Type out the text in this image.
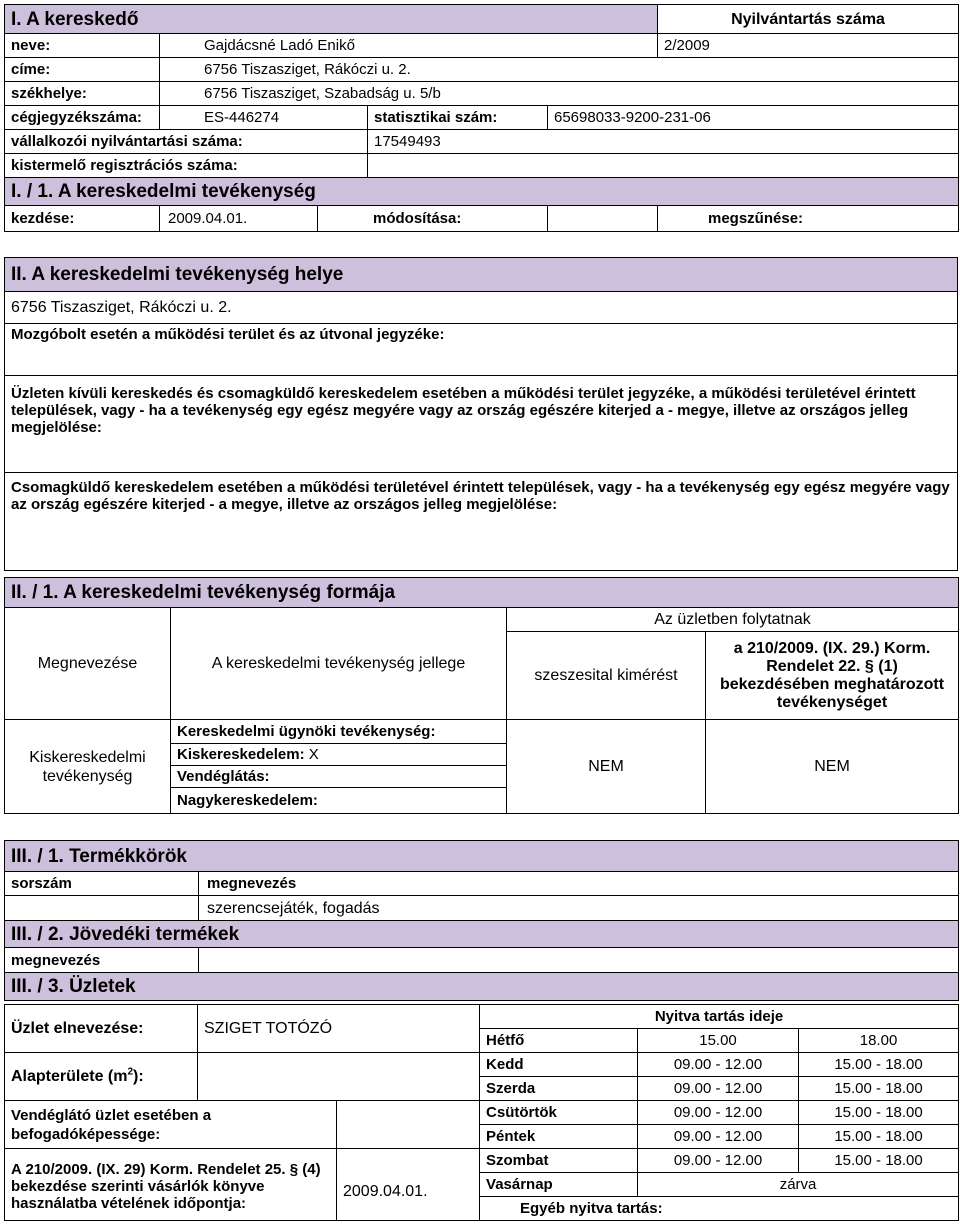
I. A kereskedő					Nyilvántartás száma
neve:	Gajdácsné Ladó Enikő				2/2009
címe:	6756 Tiszasziget, Rákóczi u. 2.				
székhelye:	6756 Tiszasziget, Szabadság u. 5/b				
cégjegyzékszáma:	ES-446274		statisztikai szám:	65698033-9200-231-06	
vállalkozói nyilvántartási száma:			17549493		
kistermelő regisztrációs száma:					
I. / 1. A kereskedelmi tevékenység					
kezdése:	2009.04.01.	módosítása:			megszűnése:
II. A kereskedelmi tevékenység helye
6756 Tiszasziget, Rákóczi u. 2.
Mozgóbolt esetén a működési terület és az útvonal jegyzéke:
Üzleten kívüli kereskedés és csomagküldő kereskedelem esetében a működési terület jegyzéke, a működési területével érintett települések, vagy - ha a tevékenység egy egész megyére vagy az ország egészére kiterjed a - megye, illetve az országos jelleg megjelölése:
Csomagküldő kereskedelem esetében a működési területével érintett települések, vagy - ha a tevékenység egy egész megyére vagy az ország egészére kiterjed - a megye, illetve az országos jelleg megjelölése:
II. / 1. A kereskedelmi tevékenység formája			
Megnevezése	A kereskedelmi tevékenység jellege	Az üzletben folytatnak	
		szeszesital kimérést	a 210/2009. (IX. 29.) Korm. Rendelet 22. § (1) bekezdésében meghatározott tevékenységet
Kiskereskedelmi tevékenység	Kereskedelmi ügynöki tevékenység:	NEM	NEM
	Kiskereskedelem: X		
	Vendéglátás:		
	Nagykereskedelem:		
III. / 1. Termékkörök	
sorszám	megnevezés
	szerencsejáték, fogadás
III. / 2. Jövedéki termékek	
megnevezés	
III. / 3. Üzletek	
Üzlet elnevezése:	SZIGET TOTÓZÓ		Nyitva tartás ideje		
			Hétfő	15.00	18.00
Alapterülete $(m^2)$:			Kedd	09.00 - 12.00	15.00 - 18.00
			Szerda	09.00 - 12.00	15.00 - 18.00
Vendéglátó üzlet esetében a befogadóképessége:			Csütörtök	09.00 - 12.00	15.00 - 18.00
			Péntek	09.00 - 12.00	15.00 - 18.00
A 210/2009. (IX. 29) Korm. Rendelet 25. § (4) bekezdése szerinti vásárlók könyve használatba vételének időpontja:		2009.04.01.	Szombat	09.00 - 12.00	15.00 - 18.00
			Vasárnap	zárva	
			Egyéb nyitva tartás:		
